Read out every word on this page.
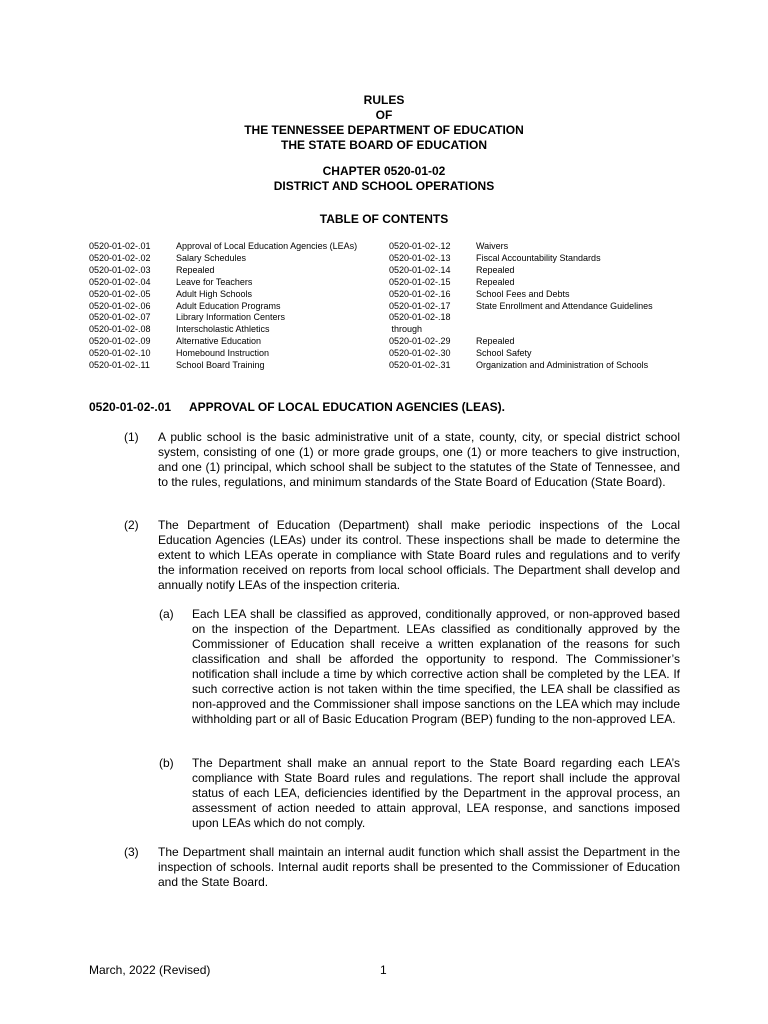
RULES
OF
THE TENNESSEE DEPARTMENT OF EDUCATION
THE STATE BOARD OF EDUCATION
CHAPTER 0520-01-02
DISTRICT AND SCHOOL OPERATIONS
TABLE OF CONTENTS
0520-01-02-.01	Approval of Local Education Agencies (LEAs)
0520-01-02-.02	Salary Schedules
0520-01-02-.03	Repealed
0520-01-02-.04	Leave for Teachers
0520-01-02-.05	Adult High Schools
0520-01-02-.06	Adult Education Programs
0520-01-02-.07	Library Information Centers
0520-01-02-.08	Interscholastic Athletics
0520-01-02-.09	Alternative Education
0520-01-02-.10	Homebound Instruction
0520-01-02-.11	School Board Training
0520-01-02-.12	Waivers
0520-01-02-.13	Fiscal Accountability Standards
0520-01-02-.14	Repealed
0520-01-02-.15	Repealed
0520-01-02-.16	School Fees and Debts
0520-01-02-.17	State Enrollment and Attendance Guidelines
0520-01-02-.18
through
0520-01-02-.29	Repealed
0520-01-02-.30	School Safety
0520-01-02-.31	Organization and Administration of Schools
0520-01-02-.01 APPROVAL OF LOCAL EDUCATION AGENCIES (LEAS).
(1) A public school is the basic administrative unit of a state, county, city, or special district school system, consisting of one (1) or more grade groups, one (1) or more teachers to give instruction, and one (1) principal, which school shall be subject to the statutes of the State of Tennessee, and to the rules, regulations, and minimum standards of the State Board of Education (State Board).
(2) The Department of Education (Department) shall make periodic inspections of the Local Education Agencies (LEAs) under its control. These inspections shall be made to determine the extent to which LEAs operate in compliance with State Board rules and regulations and to verify the information received on reports from local school officials. The Department shall develop and annually notify LEAs of the inspection criteria.
(a) Each LEA shall be classified as approved, conditionally approved, or non-approved based on the inspection of the Department. LEAs classified as conditionally approved by the Commissioner of Education shall receive a written explanation of the reasons for such classification and shall be afforded the opportunity to respond. The Commissioner’s notification shall include a time by which corrective action shall be completed by the LEA. If such corrective action is not taken within the time specified, the LEA shall be classified as non-approved and the Commissioner shall impose sanctions on the LEA which may include withholding part or all of Basic Education Program (BEP) funding to the non-approved LEA.
(b) The Department shall make an annual report to the State Board regarding each LEA’s compliance with State Board rules and regulations. The report shall include the approval status of each LEA, deficiencies identified by the Department in the approval process, an assessment of action needed to attain approval, LEA response, and sanctions imposed upon LEAs which do not comply.
(3) The Department shall maintain an internal audit function which shall assist the Department in the inspection of schools. Internal audit reports shall be presented to the Commissioner of Education and the State Board.
March, 2022 (Revised)	1
